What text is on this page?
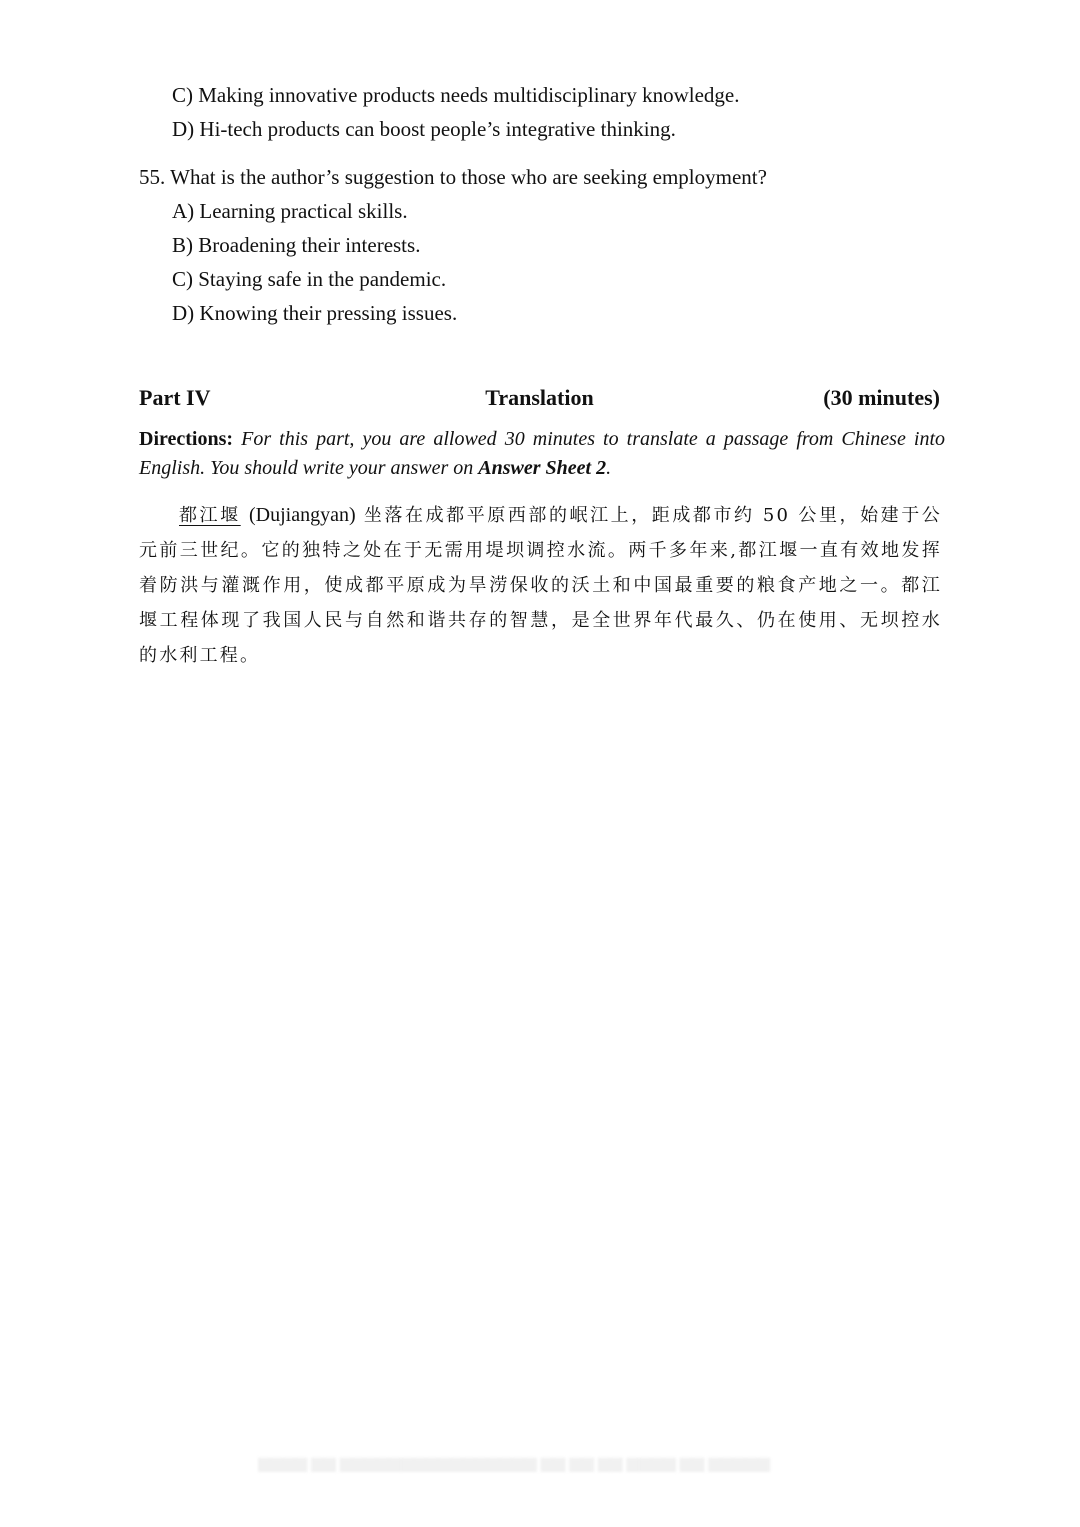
C) Making innovative products needs multidisciplinary knowledge.
D) Hi-tech products can boost people’s integrative thinking.
55. What is the author’s suggestion to those who are seeking employment?
A) Learning practical skills.
B) Broadening their interests.
C) Staying safe in the pandemic.
D) Knowing their pressing issues.
Translation
Part IV	(30 minutes)
Directions: For this part, you are allowed 30 minutes to translate a passage from Chinese into English. You should write your answer on Answer Sheet 2.
都江堰 (Dujiangyan) 坐落在成都平原西部的岷江上，距成都市约 50 公里，始建于公元前三世纪。它的独特之处在于无需用堤坝调控水流。两千多年来,都江堰一直有效地发挥着防洪与灌溉作用，使成都平原成为旱涝保收的沃土和中国最重要的粮食产地之一。都江堰工程体现了我国人民与自然和谐共存的智慧，是全世界年代最久、仍在使用、无坝控水的水利工程。
▆▆▆▆ ▆▆ ▆▆▆▆▆▆▆▆▆▆▆▆▆▆▆▆ ▆▆ ▆▆ ▆▆ ▆▆▆▆ ▆▆ ▆▆▆▆▆
